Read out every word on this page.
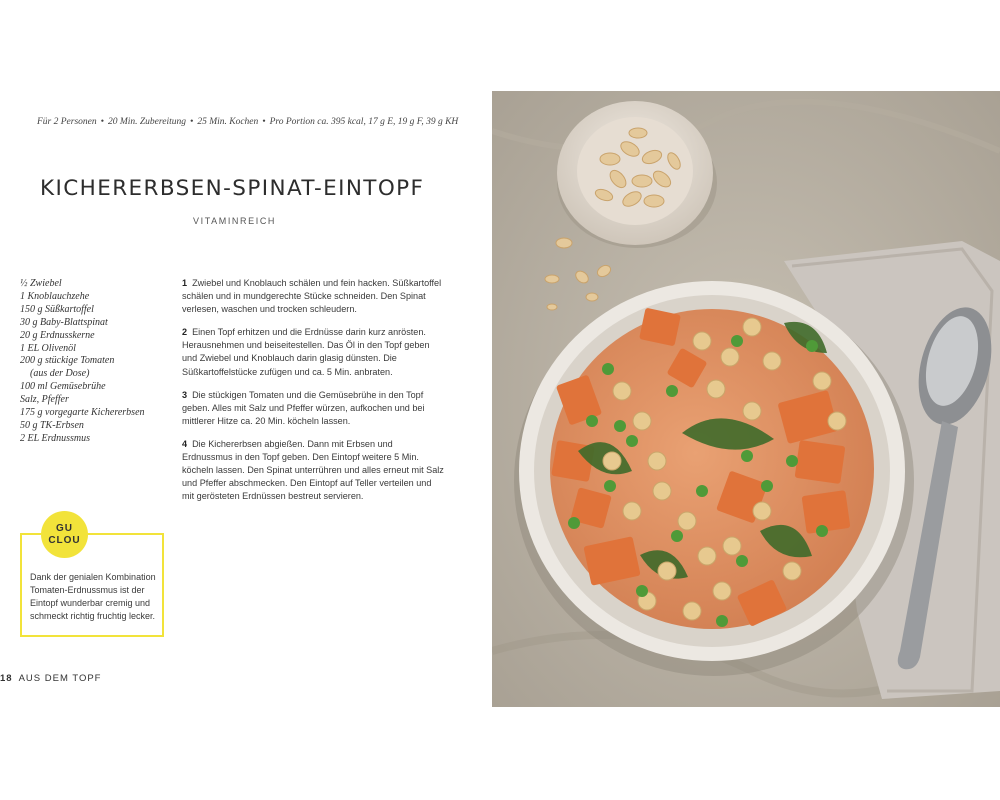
Für 2 Personen • 20 Min. Zubereitung • 25 Min. Kochen • Pro Portion ca. 395 kcal, 17 g E, 19 g F, 39 g KH
KICHERERBSEN-SPINAT-EINTOPF
VITAMINREICH
½ Zwiebel
1 Knoblauchzehe
150 g Süßkartoffel
30 g Baby-Blattspinat
20 g Erdnusskerne
1 EL Olivenöl
200 g stückige Tomaten
(aus der Dose)
100 ml Gemüsebrühe
Salz, Pfeffer
175 g vorgegarte Kichererbsen
50 g TK-Erbsen
2 EL Erdnussmus

1 Zwiebel und Knoblauch schälen und fein hacken. Süßkartoffel schälen und in mundgerechte Stücke schneiden. Den Spinat verlesen, waschen und trocken schleudern.

2 Einen Topf erhitzen und die Erdnüsse darin kurz anrösten. Herausnehmen und beiseitestellen. Das Öl in den Topf geben und Zwiebel und Knoblauch darin glasig dünsten. Die Süßkartoffelstücke zufügen und ca. 5 Min. anbraten.

3 Die stückigen Tomaten und die Gemüsebrühe in den Topf geben. Alles mit Salz und Pfeffer würzen, aufkochen und bei mittlerer Hitze ca. 20 Min. köcheln lassen.

4 Die Kichererbsen abgießen. Dann mit Erbsen und Erdnussmus in den Topf geben. Den Eintopf weitere 5 Min. köcheln lassen. Den Spinat unterrühren und alles erneut mit Salz und Pfeffer abschmecken. Den Eintopf auf Teller verteilen und mit gerösteten Erdnüssen bestreut servieren.

GU
CLOU
Dank der genialen Kombination Tomaten-Erdnussmus ist der Eintopf wunderbar cremig und schmeckt richtig fruchtig lecker.
18 AUS DEM TOPF
